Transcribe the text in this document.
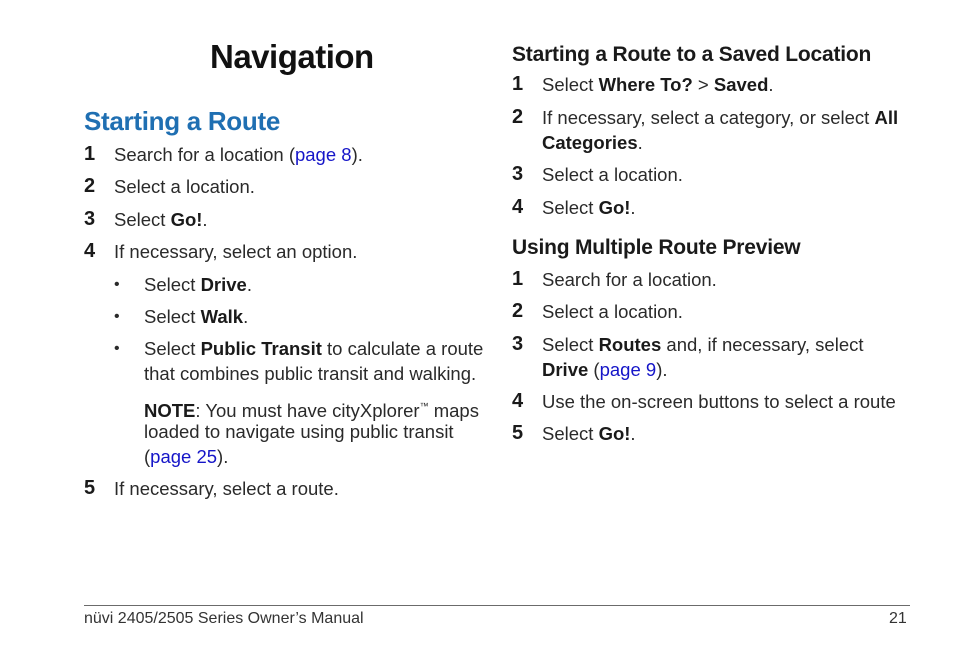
Navigation
Starting a Route
1 Search for a location (page 8).
2 Select a location.
3 Select Go!.
4 If necessary, select an option.
• Select Drive.
• Select Walk.
• Select Public Transit to calculate a route
that combines public transit and walking.
NOTE: You must have cityXplorer™ maps
loaded to navigate using public transit
(page 25).
5 If necessary, select a route.
Starting a Route to a Saved Location
1 Select Where To? > Saved.
2 If necessary, select a category, or select All
Categories.
3 Select a location.
4 Select Go!.
Using Multiple Route Preview
1 Search for a location.
2 Select a location.
3 Select Routes and, if necessary, select
Drive (page 9).
4 Use the on-screen buttons to select a route
5 Select Go!.
nüvi 2405/2505 Series Owner’s Manual	21
